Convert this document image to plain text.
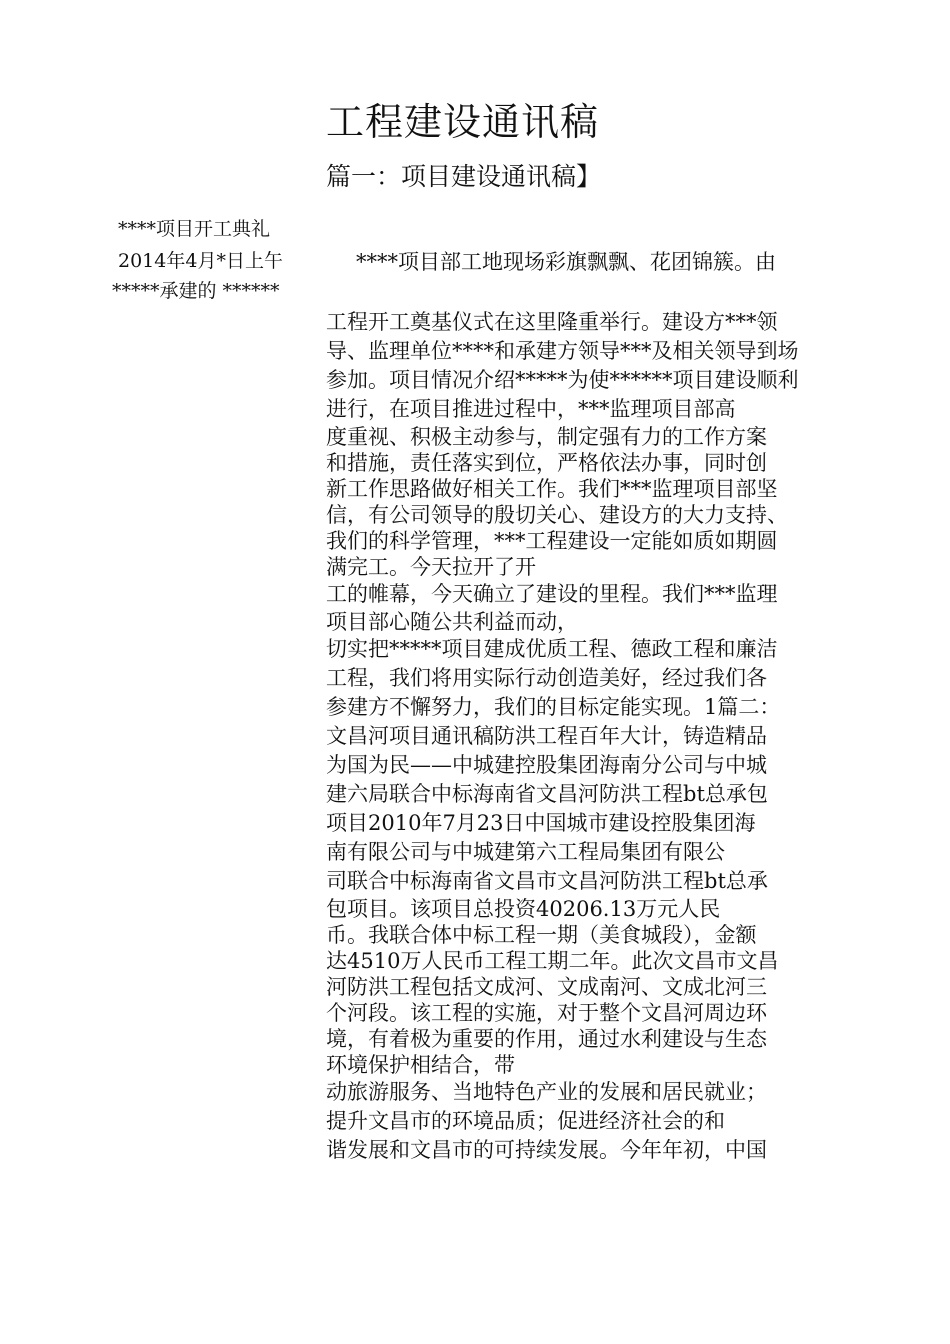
工程建设通讯稿
篇一：项目建设通讯稿】
****项目开工典礼
2014年4月*日上午
*****承建的 ******
****项目部工地现场彩旗飘飘、花团锦簇。由
工程开工奠基仪式在这里隆重举行。建设方***领
导、监理单位****和承建方领导***及相关领导到场
参加。项目情况介绍*****为使******项目建设顺利
进行，在项目推进过程中，***监理项目部高
度重视、积极主动参与，制定强有力的工作方案
和措施，责任落实到位，严格依法办事，同时创
新工作思路做好相关工作。我们***监理项目部坚
信，有公司领导的殷切关心、建设方的大力支持、
我们的科学管理，***工程建设一定能如质如期圆
满完工。今天拉开了开
工的帷幕，今天确立了建设的里程。我们***监理
项目部心随公共利益而动，
切实把*****项目建成优质工程、德政工程和廉洁
工程，我们将用实际行动创造美好，经过我们各
参建方不懈努力，我们的目标定能实现。1篇二：
文昌河项目通讯稿防洪工程百年大计，铸造精品
为国为民——中城建控股集团海南分公司与中城
建六局联合中标海南省文昌河防洪工程bt总承包
项目2010年7月23日中国城市建设控股集团海
南有限公司与中城建第六工程局集团有限公
司联合中标海南省文昌市文昌河防洪工程bt总承
包项目。该项目总投资40206.13万元人民
币。我联合体中标工程一期（美食城段），金额
达4510万人民币工程工期二年。此次文昌市文昌
河防洪工程包括文成河、文成南河、文成北河三
个河段。该工程的实施，对于整个文昌河周边环
境，有着极为重要的作用，通过水利建设与生态
环境保护相结合，带
动旅游服务、当地特色产业的发展和居民就业；
提升文昌市的环境品质；促进经济社会的和
谐发展和文昌市的可持续发展。今年年初，中国
